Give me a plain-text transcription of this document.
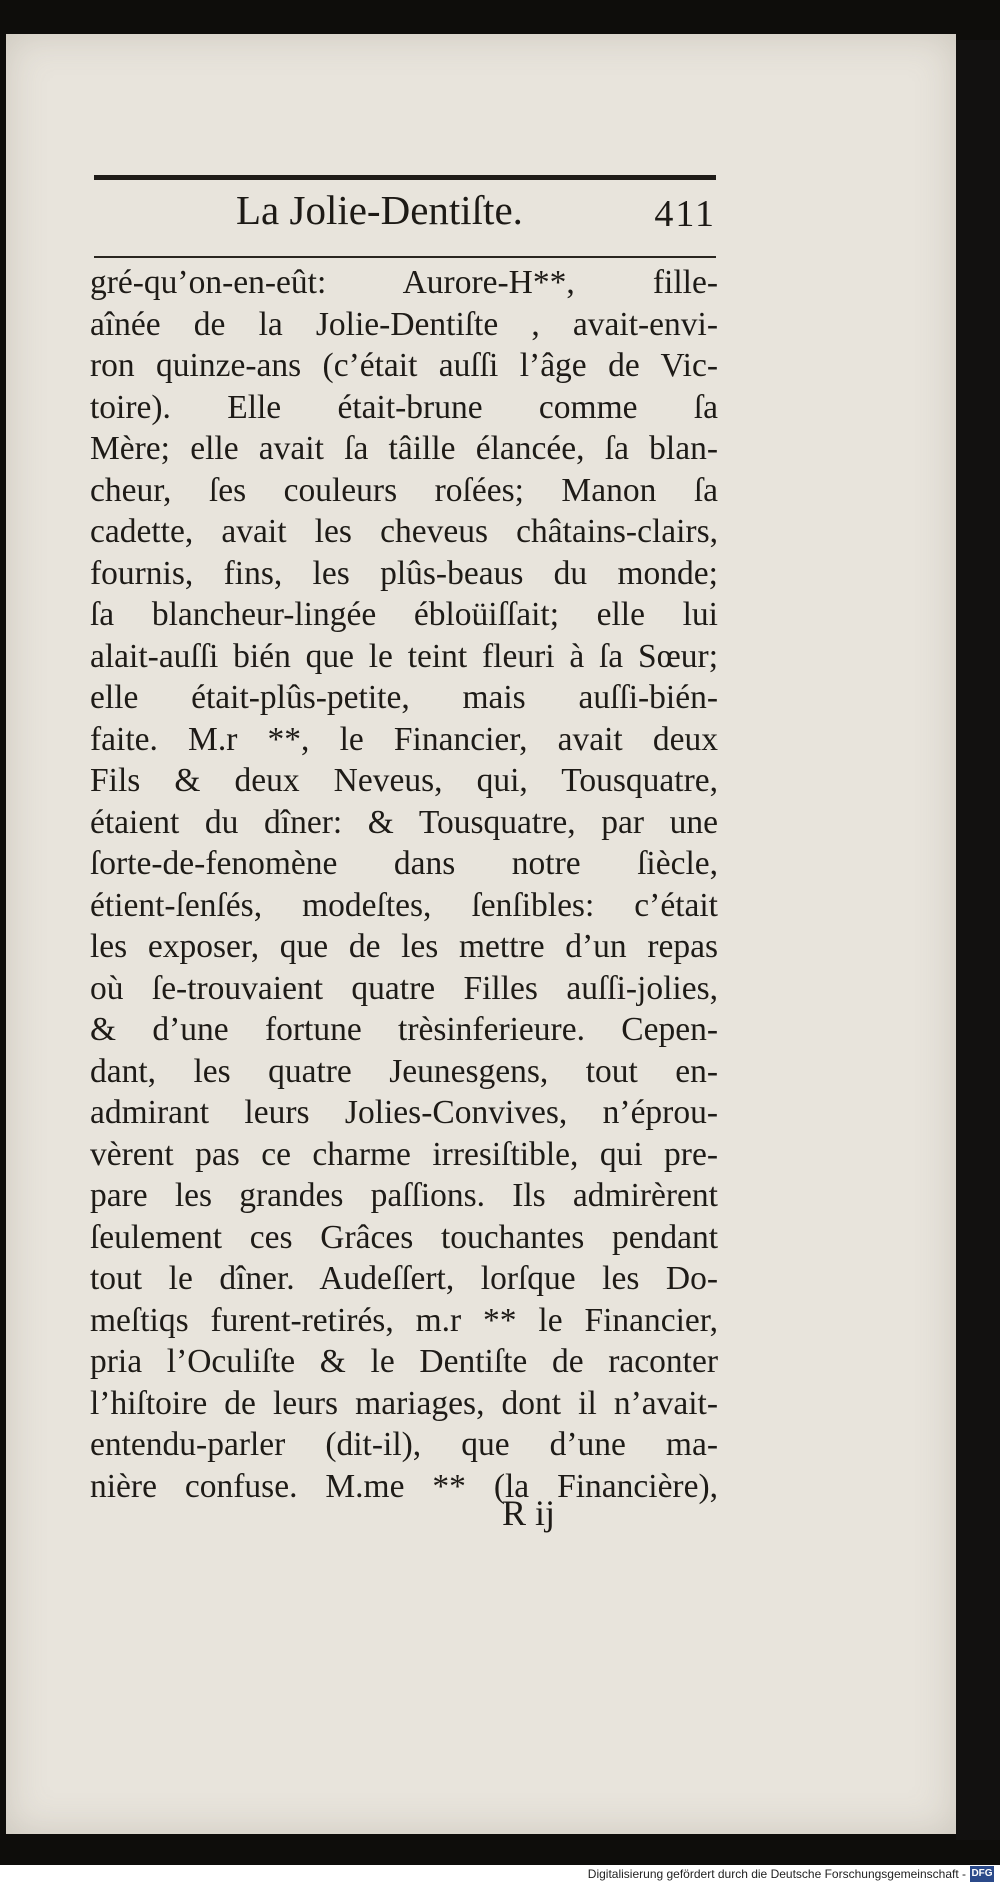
La Jolie-Dentiſte.	411
gré-qu’on-en-eût: Aurore-H**, fille-
aînée de la Jolie-Dentiſte , avait-envi-
ron quinze-ans (c’était auſſi l’âge de Vic-
toire). Elle était-brune comme ſa
Mère; elle avait ſa tâille élancée, ſa blan-
cheur, ſes couleurs roſées; Manon ſa
cadette, avait les cheveus châtains-clairs,
fournis, fins, les plûs-beaus du monde;
ſa blancheur-lingée ébloüiſſait; elle lui
alait-auſſi bién que le teint fleuri à ſa Sœur;
elle était-plûs-petite, mais auſſi-bién-
faite. M.r **, le Financier, avait deux
Fils & deux Neveus, qui, Tousquatre,
étaient du dîner: & Tousquatre, par une
ſorte-de-fenomène dans notre ſiècle,
étient-ſenſés, modeſtes, ſenſibles: c’était
les exposer, que de les mettre d’un repas
où ſe-trouvaient quatre Filles auſſi-jolies,
& d’une fortune trèsinferieure. Cepen-
dant, les quatre Jeunesgens, tout en-
admirant leurs Jolies-Convives, n’éprou-
vèrent pas ce charme irresiſtible, qui pre-
pare les grandes paſſions. Ils admirèrent
ſeulement ces Grâces touchantes pendant
tout le dîner. Audeſſert, lorſque les Do-
meſtiqs furent-retirés, m.r ** le Financier,
pria l’Oculiſte & le Dentiſte de raconter
l’hiſtoire de leurs mariages, dont il n’avait-
entendu-parler (dit-il), que d’une ma-
nière confuse. M.me ** (la Financière),
R ij
Digitalisierung gefördert durch die Deutsche Forschungsgemeinschaft - DFG
